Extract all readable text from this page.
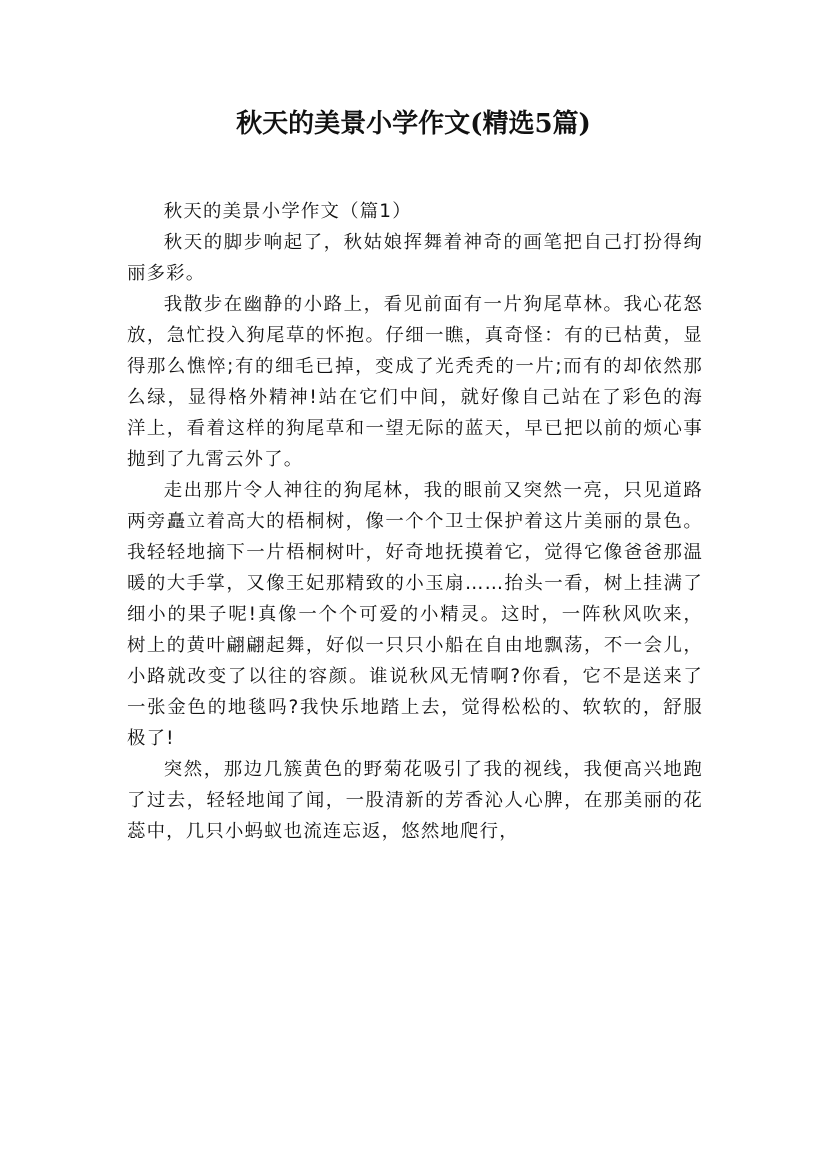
秋天的美景小学作文(精选5篇)

秋天的美景小学作文（篇1）

秋天的脚步响起了，秋姑娘挥舞着神奇的画笔把自己打扮得绚丽多彩。

我散步在幽静的小路上，看见前面有一片狗尾草林。我心花怒放，急忙投入狗尾草的怀抱。仔细一瞧，真奇怪：有的已枯黄，显得那么憔悴;有的细毛已掉，变成了光秃秃的一片;而有的却依然那么绿，显得格外精神!站在它们中间，就好像自己站在了彩色的海洋上，看着这样的狗尾草和一望无际的蓝天，早已把以前的烦心事抛到了九霄云外了。

走出那片令人神往的狗尾林，我的眼前又突然一亮，只见道路两旁矗立着高大的梧桐树，像一个个卫士保护着这片美丽的景色。我轻轻地摘下一片梧桐树叶，好奇地抚摸着它，觉得它像爸爸那温暖的大手掌，又像王妃那精致的小玉扇……抬头一看，树上挂满了细小的果子呢!真像一个个可爱的小精灵。这时，一阵秋风吹来，树上的黄叶翩翩起舞，好似一只只小船在自由地飘荡，不一会儿，小路就改变了以往的容颜。谁说秋风无情啊?你看，它不是送来了一张金色的地毯吗?我快乐地踏上去，觉得松松的、软软的，舒服极了!

突然，那边几簇黄色的野菊花吸引了我的视线，我便高兴地跑了过去，轻轻地闻了闻，一股清新的芳香沁人心脾，在那美丽的花蕊中，几只小蚂蚁也流连忘返，悠然地爬行，
